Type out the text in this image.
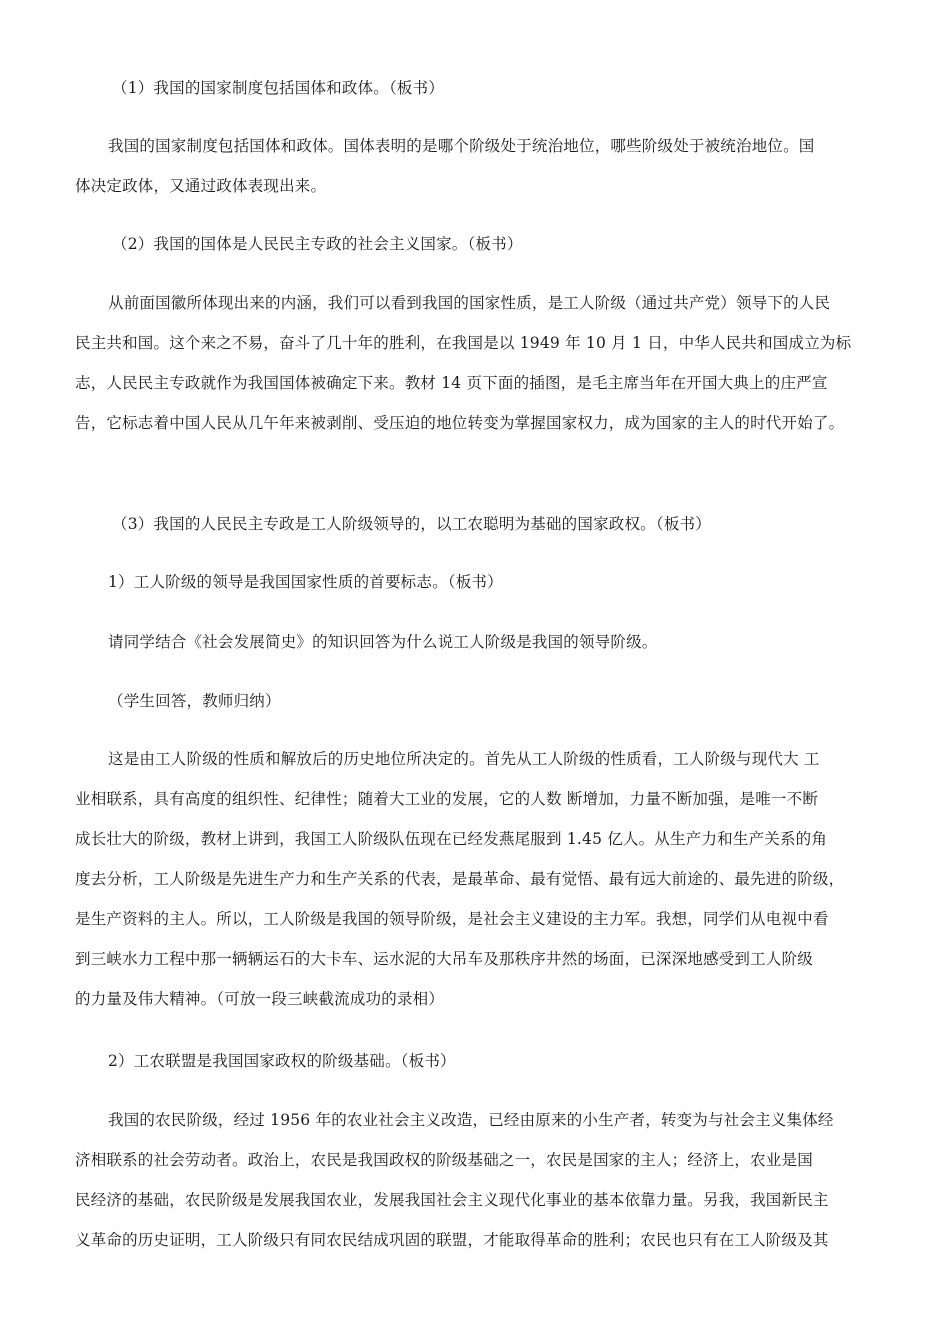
（1）我国的国家制度包括国体和政体。（板书）
我国的国家制度包括国体和政体。国体表明的是哪个阶级处于统治地位，哪些阶级处于被统治地位。国
体决定政体，又通过政体表现出来。
（2）我国的国体是人民民主专政的社会主义国家。（板书）
从前面国徽所体现出来的内涵，我们可以看到我国的国家性质，是工人阶级（通过共产党）领导下的人民
民主共和国。这个来之不易，奋斗了几十年的胜利，在我国是以 1949 年 10 月 1 日，中华人民共和国成立为标
志，人民民主专政就作为我国国体被确定下来。教材 14 页下面的插图，是毛主席当年在开国大典上的庄严宣
告，它标志着中国人民从几午年来被剥削、受压迫的地位转变为掌握国家权力，成为国家的主人的时代开始了。
（3）我国的人民民主专政是工人阶级领导的，以工农聪明为基础的国家政权。（板书）
1）工人阶级的领导是我国国家性质的首要标志。（板书）
请同学结合《社会发展简史》的知识回答为什么说工人阶级是我国的领导阶级。
（学生回答，教师归纳）
这是由工人阶级的性质和解放后的历史地位所决定的。首先从工人阶级的性质看，工人阶级与现代大 工
业相联系，具有高度的组织性、纪律性；随着大工业的发展，它的人数 断增加，力量不断加强，是唯一不断
成长壮大的阶级，教材上讲到，我国工人阶级队伍现在已经发燕尾服到 1.45 亿人。从生产力和生产关系的角
度去分析，工人阶级是先进生产力和生产关系的代表，是最革命、最有觉悟、最有远大前途的、最先进的阶级，
是生产资料的主人。所以，工人阶级是我国的领导阶级，是社会主义建设的主力军。我想，同学们从电视中看
到三峡水力工程中那一辆辆运石的大卡车、运水泥的大吊车及那秩序井然的场面，已深深地感受到工人阶级
的力量及伟大精神。（可放一段三峡截流成功的录相）
2）工农联盟是我国国家政权的阶级基础。（板书）
我国的农民阶级，经过 1956 年的农业社会主义改造，已经由原来的小生产者，转变为与社会主义集体经
济相联系的社会劳动者。政治上，农民是我国政权的阶级基础之一，农民是国家的主人；经济上，农业是国
民经济的基础，农民阶级是发展我国农业，发展我国社会主义现代化事业的基本依靠力量。另我，我国新民主
义革命的历史证明，工人阶级只有同农民结成巩固的联盟，才能取得革命的胜利；农民也只有在工人阶级及其
